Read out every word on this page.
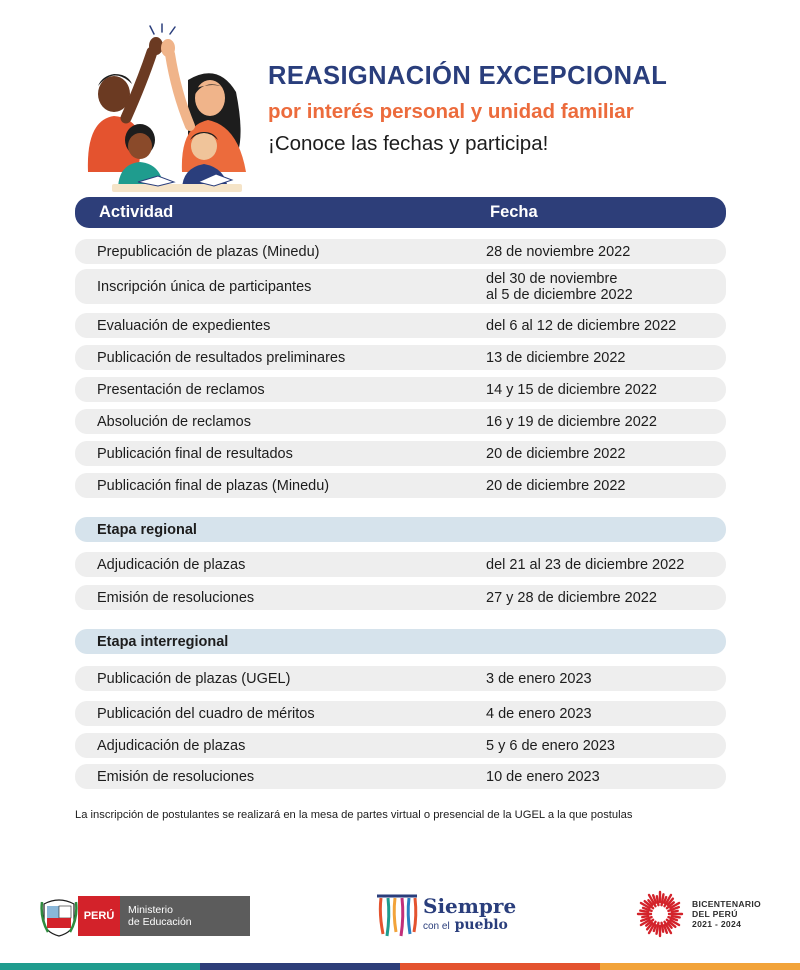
REASIGNACIÓN EXCEPCIONAL
por interés personal y unidad familiar
¡Conoce las fechas y participa!
Actividad	Fecha
Prepublicación de plazas (Minedu)	28 de noviembre 2022
Inscripción única de participantes	del 30 de noviembre
al 5 de diciembre 2022
Evaluación de expedientes	del 6 al 12 de diciembre 2022
Publicación de resultados preliminares	13 de diciembre 2022
Presentación de reclamos	14 y 15 de diciembre 2022
Absolución de reclamos	16 y 19 de diciembre 2022
Publicación final de resultados	20 de diciembre 2022
Publicación final de plazas (Minedu)	20 de diciembre 2022
Etapa regional
Adjudicación de plazas	del 21 al 23 de diciembre 2022
Emisión de resoluciones	27 y 28 de diciembre 2022
Etapa interregional
Publicación de plazas (UGEL)	3 de enero 2023
Publicación del cuadro de méritos	4 de enero 2023
Adjudicación de plazas	5 y 6 de enero 2023
Emisión de resoluciones	10 de enero 2023
La inscripción de postulantes se realizará en la mesa de partes virtual o presencial de la UGEL a la que postulas
PERÚ	Ministerio
de Educación
Siempre
con el pueblo
BICENTENARIO
DEL PERÚ
2021 - 2024
